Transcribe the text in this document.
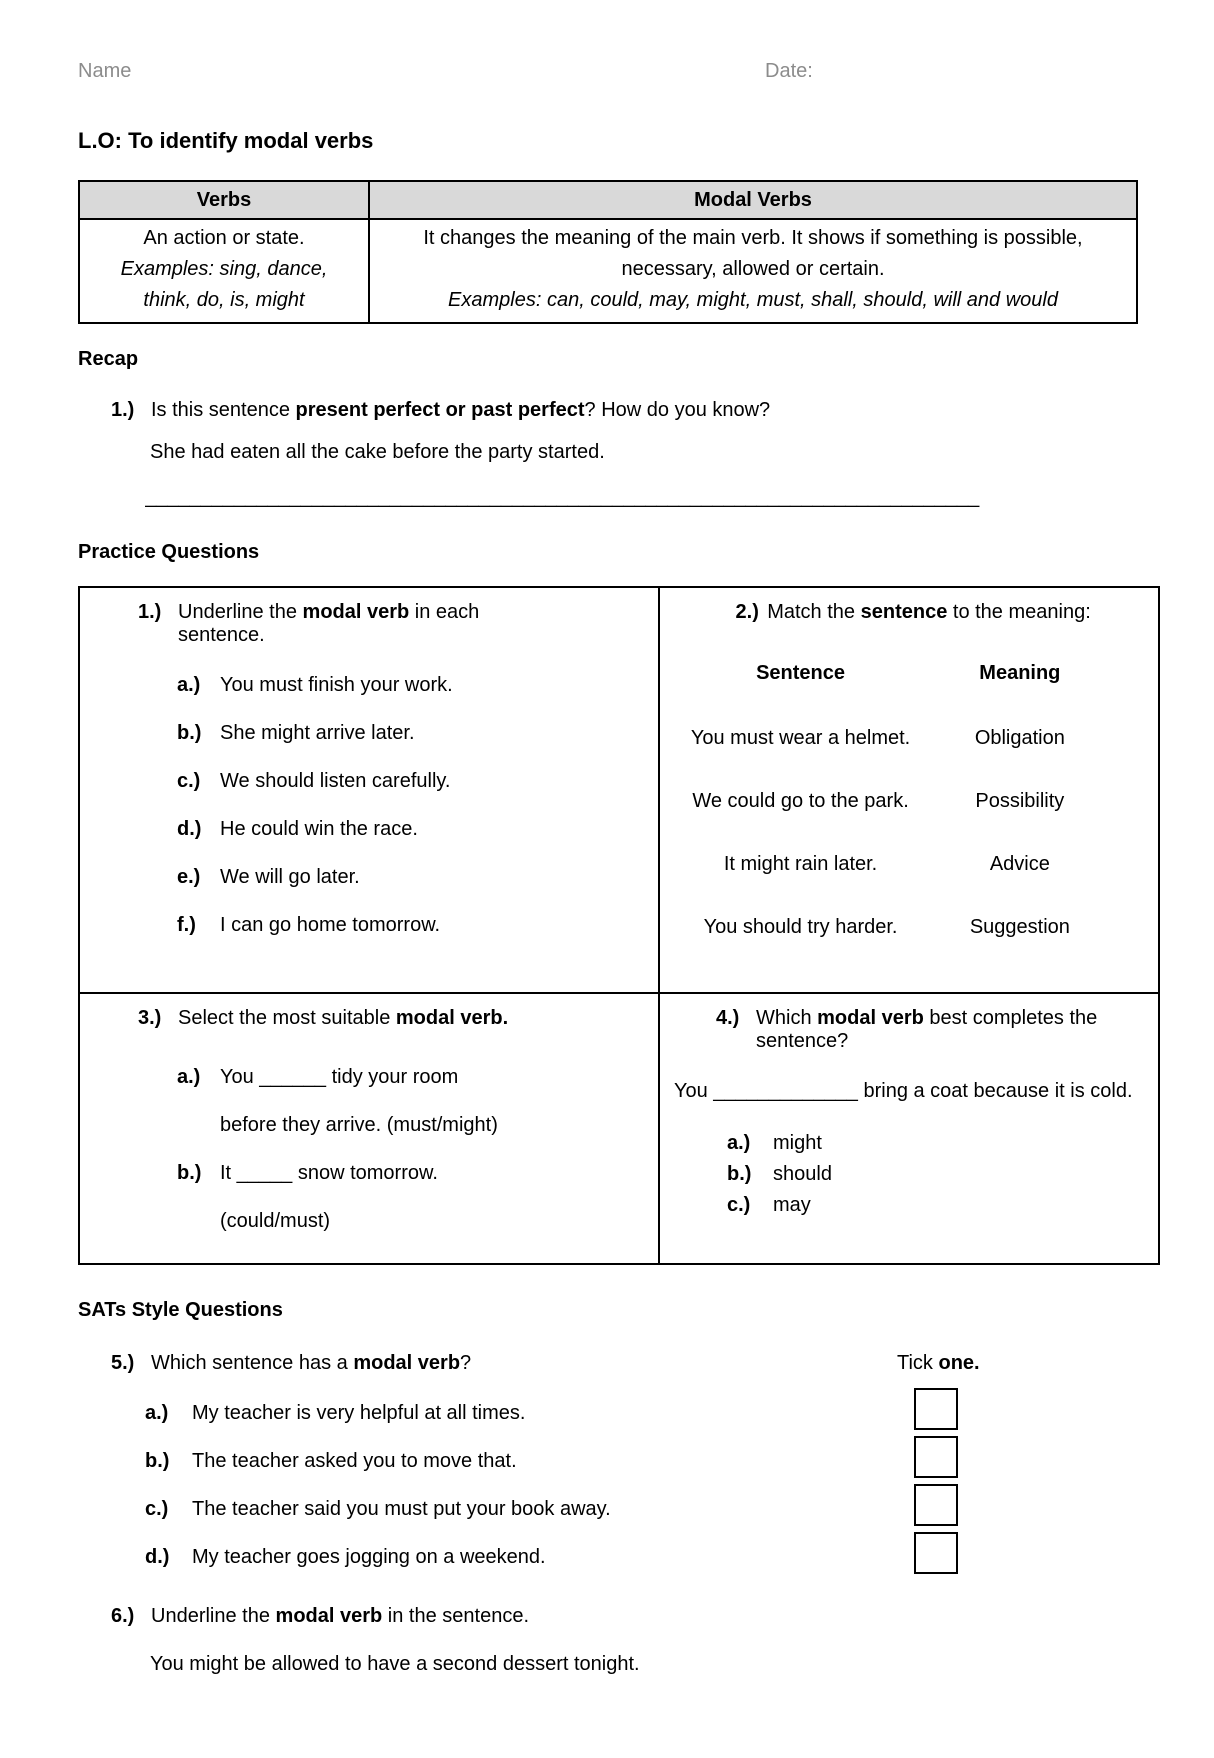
Name	Date:
L.O: To identify modal verbs
Verbs	Modal Verbs

An action or state.
Examples: sing, dance,
think, do, is, might

It changes the meaning of the main verb. It shows if something is possible, necessary, allowed or certain.
Examples: can, could, may, might, must, shall, should, will and would
Recap
1.) Is this sentence present perfect or past perfect? How do you know?
She had eaten all the cake before the party started.
___________________________________________________________________________
Practice Questions
1.) Underline the modal verb in each
sentence.
a.) You must finish your work.
b.) She might arrive later.
c.) We should listen carefully.
d.) He could win the race.
e.) We will go later.
f.) I can go home tomorrow.

2.) Match the sentence to the meaning:
Sentence	Meaning
You must wear a helmet.	Obligation
We could go to the park.	Possibility
It might rain later.	Advice
You should try harder.	Suggestion

3.) Select the most suitable modal verb.
a.) You ______ tidy your room
before they arrive. (must/might)
b.) It _____ snow tomorrow.
(could/must)

4.) Which modal verb best completes the
sentence?
You _____________ bring a coat because it is cold.
a.) might
b.) should
c.) may
SATs Style Questions
5.) Which sentence has a modal verb?	Tick one.
a.) My teacher is very helpful at all times.
b.) The teacher asked you to move that.
c.) The teacher said you must put your book away.
d.) My teacher goes jogging on a weekend.
6.) Underline the modal verb in the sentence.
You might be allowed to have a second dessert tonight.
